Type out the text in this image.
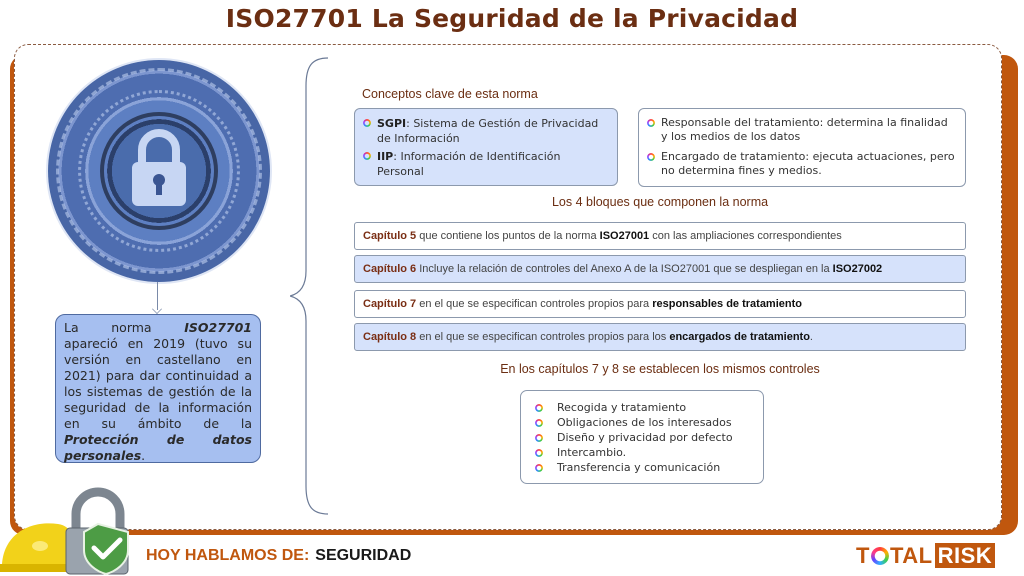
ISO27701 La Seguridad de la Privacidad
La norma ISO27701 apareció en 2019 (tuvo su versión en castellano en 2021) para dar continuidad a los sistemas de gestión de la seguridad de la información en su ámbito de la Protección de datos personales.
Conceptos clave de esta norma
SGPI: Sistema de Gestión de Privacidad de Información
IIP: Información de Identificación Personal
Responsable del tratamiento: determina la finalidad y los medios de los datos
Encargado de tratamiento: ejecuta actuaciones, pero no determina fines y medios.
Los 4 bloques que componen la norma
Capítulo 5 que contiene los puntos de la norma ISO27001 con las ampliaciones correspondientes
Capítulo 6 Incluye la relación de controles del Anexo A de la ISO27001 que se despliegan en la ISO27002
Capítulo 7 en el que se especifican controles propios para responsables de tratamiento
Capítulo 8 en el que se especifican controles propios para los encargados de tratamiento.
En los capítulos 7 y 8 se establecen los mismos controles
Recogida y tratamiento
Obligaciones de los interesados
Diseño y privacidad por defecto
Intercambio.
Transferencia y comunicación
HOY HABLAMOS DE: SEGURIDAD	T TAL RISK
